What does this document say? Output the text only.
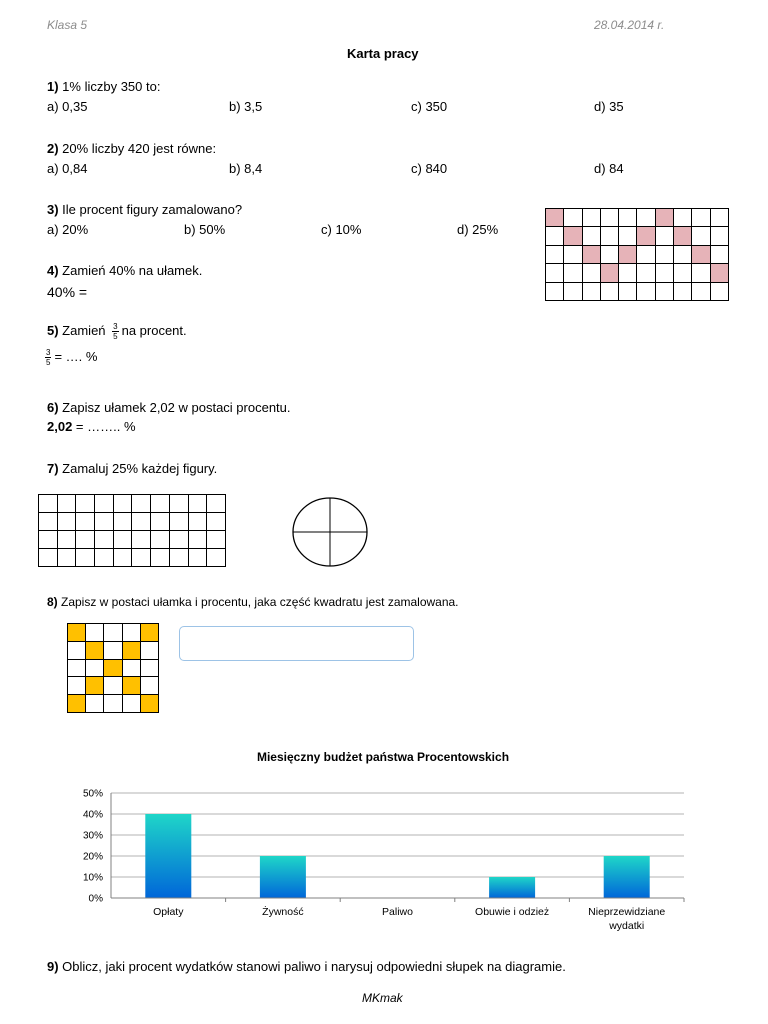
Klasa 5	28.04.2014 r.
Karta pracy
1) 1% liczby 350 to:
a) 0,35	b) 3,5	c) 350	d) 35
2) 20% liczby 420 jest równe:
a) 0,84	b) 8,4	c) 840	d) 84
3) Ile procent figury zamalowano?
a) 20%	b) 50%	c) 10%	d) 25%

4) Zamień 40% na ułamek.
40% =
5) Zamień $\frac{3}{5}$ na procent.
$\frac{3}{5}$ = …. %
6) Zapisz ułamek 2,02 w postaci procentu.
2,02 = …….. %
7) Zamaluj 25% każdej figury.

8) Zapisz w postaci ułamka i procentu, jaka część kwadratu jest zamalowana.

Miesięczny budżet państwa Procentowskich
0%
10%
20%
30%
40%
50%
Opłaty	Żywność	Paliwo	Obuwie i odzież	Nieprzewidziane
wydatki
9) Oblicz, jaki procent wydatków stanowi paliwo i narysuj odpowiedni słupek na diagramie.
MKmak
